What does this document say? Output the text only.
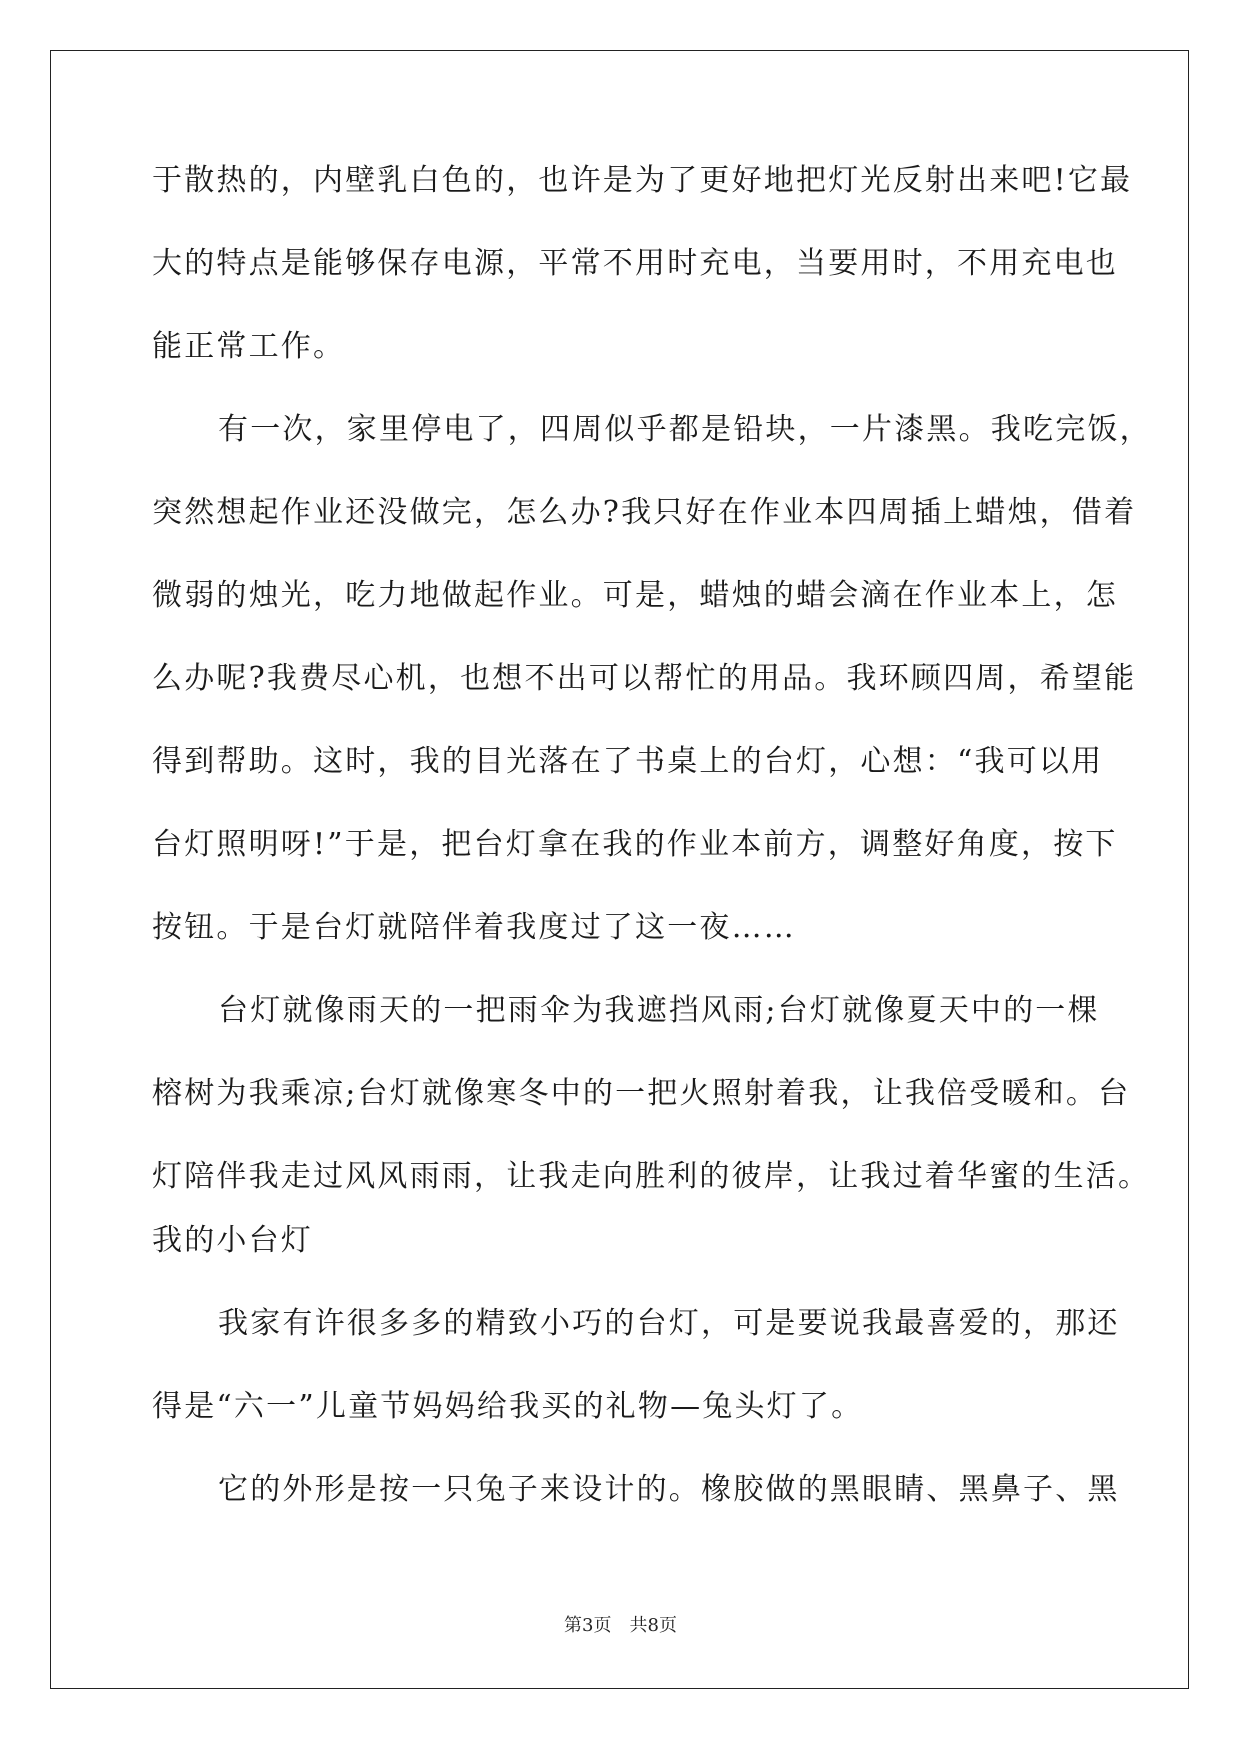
于散热的，内壁乳白色的，也许是为了更好地把灯光反射出来吧!它最
大的特点是能够保存电源，平常不用时充电，当要用时，不用充电也
能正常工作。
有一次，家里停电了，四周似乎都是铅块，一片漆黑。我吃完饭，
突然想起作业还没做完，怎么办?我只好在作业本四周插上蜡烛，借着
微弱的烛光，吃力地做起作业。可是，蜡烛的蜡会滴在作业本上，怎
么办呢?我费尽心机，也想不出可以帮忙的用品。我环顾四周，希望能
得到帮助。这时，我的目光落在了书桌上的台灯，心想：“我可以用
台灯照明呀!”于是，把台灯拿在我的作业本前方，调整好角度，按下
按钮。于是台灯就陪伴着我度过了这一夜……
台灯就像雨天的一把雨伞为我遮挡风雨;台灯就像夏天中的一棵
榕树为我乘凉;台灯就像寒冬中的一把火照射着我，让我倍受暖和。台
灯陪伴我走过风风雨雨，让我走向胜利的彼岸，让我过着华蜜的生活。
我的小台灯
我家有许很多多的精致小巧的台灯，可是要说我最喜爱的，那还
得是“六一”儿童节妈妈给我买的礼物—兔头灯了。
它的外形是按一只兔子来设计的。橡胶做的黑眼睛、黑鼻子、黑
第3页　共8页
